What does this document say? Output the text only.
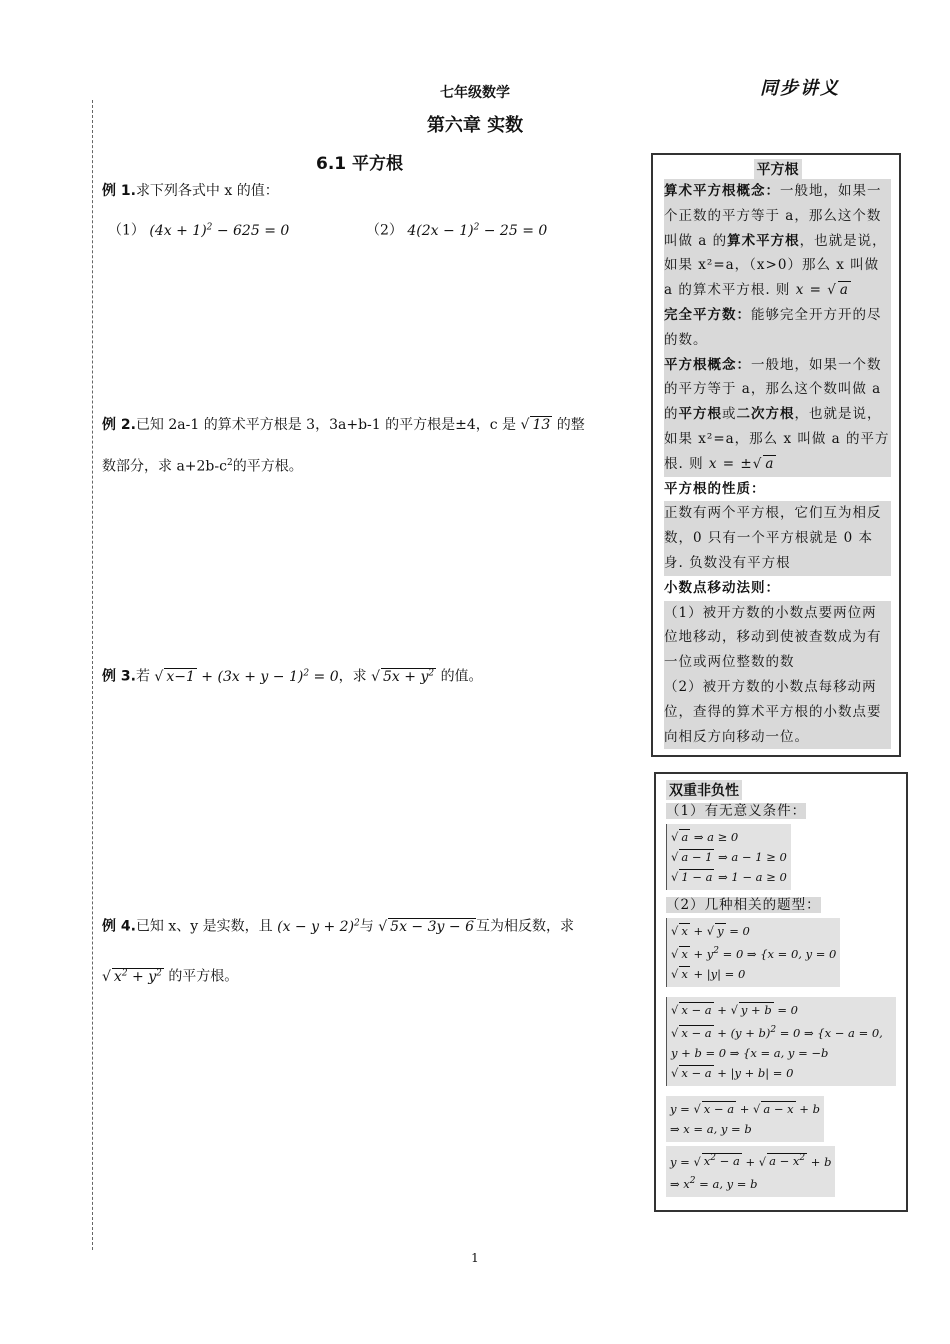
七年级数学	同步讲义
第六章 实数
6.1 平方根
例 1.求下列各式中 x 的值：
（1） $(4x + 1)^2 - 625 = 0$	（2） $4(2x - 1)^2 - 25 = 0$
例 2.已知 2a-1 的算术平方根是 3，3a+b-1 的平方根是±4，c 是 √ 13 的整
数部分，求 $a+2b-c^2$的平方根。
例 3.若 √ $x-1 + (3x + y - 1)^2 = 0$，求 √ $5x + y^2$ 的值。
例 4.已知 x、y 是实数，且 $(x - y + 2)^2$与 √ 5x − 3y − 6 互为相反数，求
√ $x^2 + y^2$ 的平方根。
平方根

算术平方根概念：一般地，如果一个正数的平方等于 a，那么这个数叫做 a 的算术平方根，也就是说，如果 x²=a，（x>0）那么 x 叫做 a 的算术平方根. 则 x = √ a

完全平方数：能够完全开方开的尽的数。

平方根概念：一般地，如果一个数的平方等于 a，那么这个数叫做 a 的平方根或二次方根，也就是说，如果 x²=a，那么 x 叫做 a 的平方根. 则 x = ±√ a

平方根的性质：

正数有两个平方根，它们互为相反数，0 只有一个平方根就是 0 本身. 负数没有平方根

小数点移动法则：

（1）被开方数的小数点要两位两位地移动，移动到使被查数成为有一位或两位整数的数

（2）被开方数的小数点每移动两位，查得的算术平方根的小数点要向相反方向移动一位。

双重非负性
（1）有无意义条件：
√ a ⇒ a ≥ 0
√ a − 1 ⇒ a − 1 ≥ 0
√ 1 − a ⇒ 1 − a ≥ 0
（2）几种相关的题型：
√ x + √ y = 0
√ $x + y^2 = 0$ ⇒ {x = 0, y = 0
√ x + |y| = 0

√ x − a + √ y + b = 0
√ $x - a + (y + b)^2 = 0$ ⇒ {x − a = 0, y + b = 0 ⇒ {x = a, y = −b
√ x − a + |y + b| = 0

y = √ x − a + √ a − x + b
⇒ x = a, y = b

y = √ $x^2 - a$ + √ $a - x^2 + b$
⇒ $x^2 = a$, y = b
1
